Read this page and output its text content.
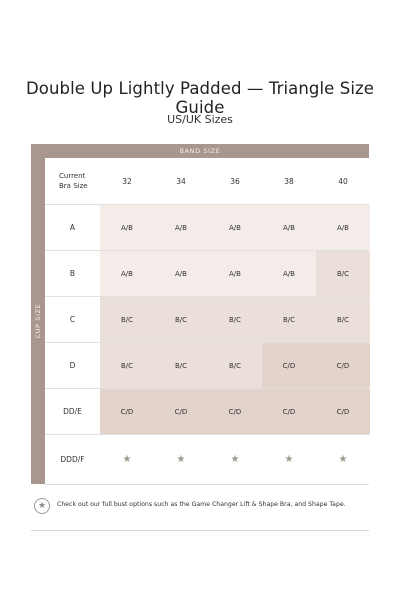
Double Up Lightly Padded — Triangle Size Guide
US/UK Sizes
BAND SIZE
CUP SIZE
Current
Bra Size
32	34	36	38	40
A	A/B	A/B	A/B	A/B	A/B
B	A/B	A/B	A/B	A/B	B/C
C	B/C	B/C	B/C	B/C	B/C
D	B/C	B/C	B/C	C/D	C/D
DD/E	C/D	C/D	C/D	C/D	C/D
DDD/F	★	★	★	★	★
★	Check out our full bust options such as the Game Changer Lift & Shape Bra, and Shape Tape.
